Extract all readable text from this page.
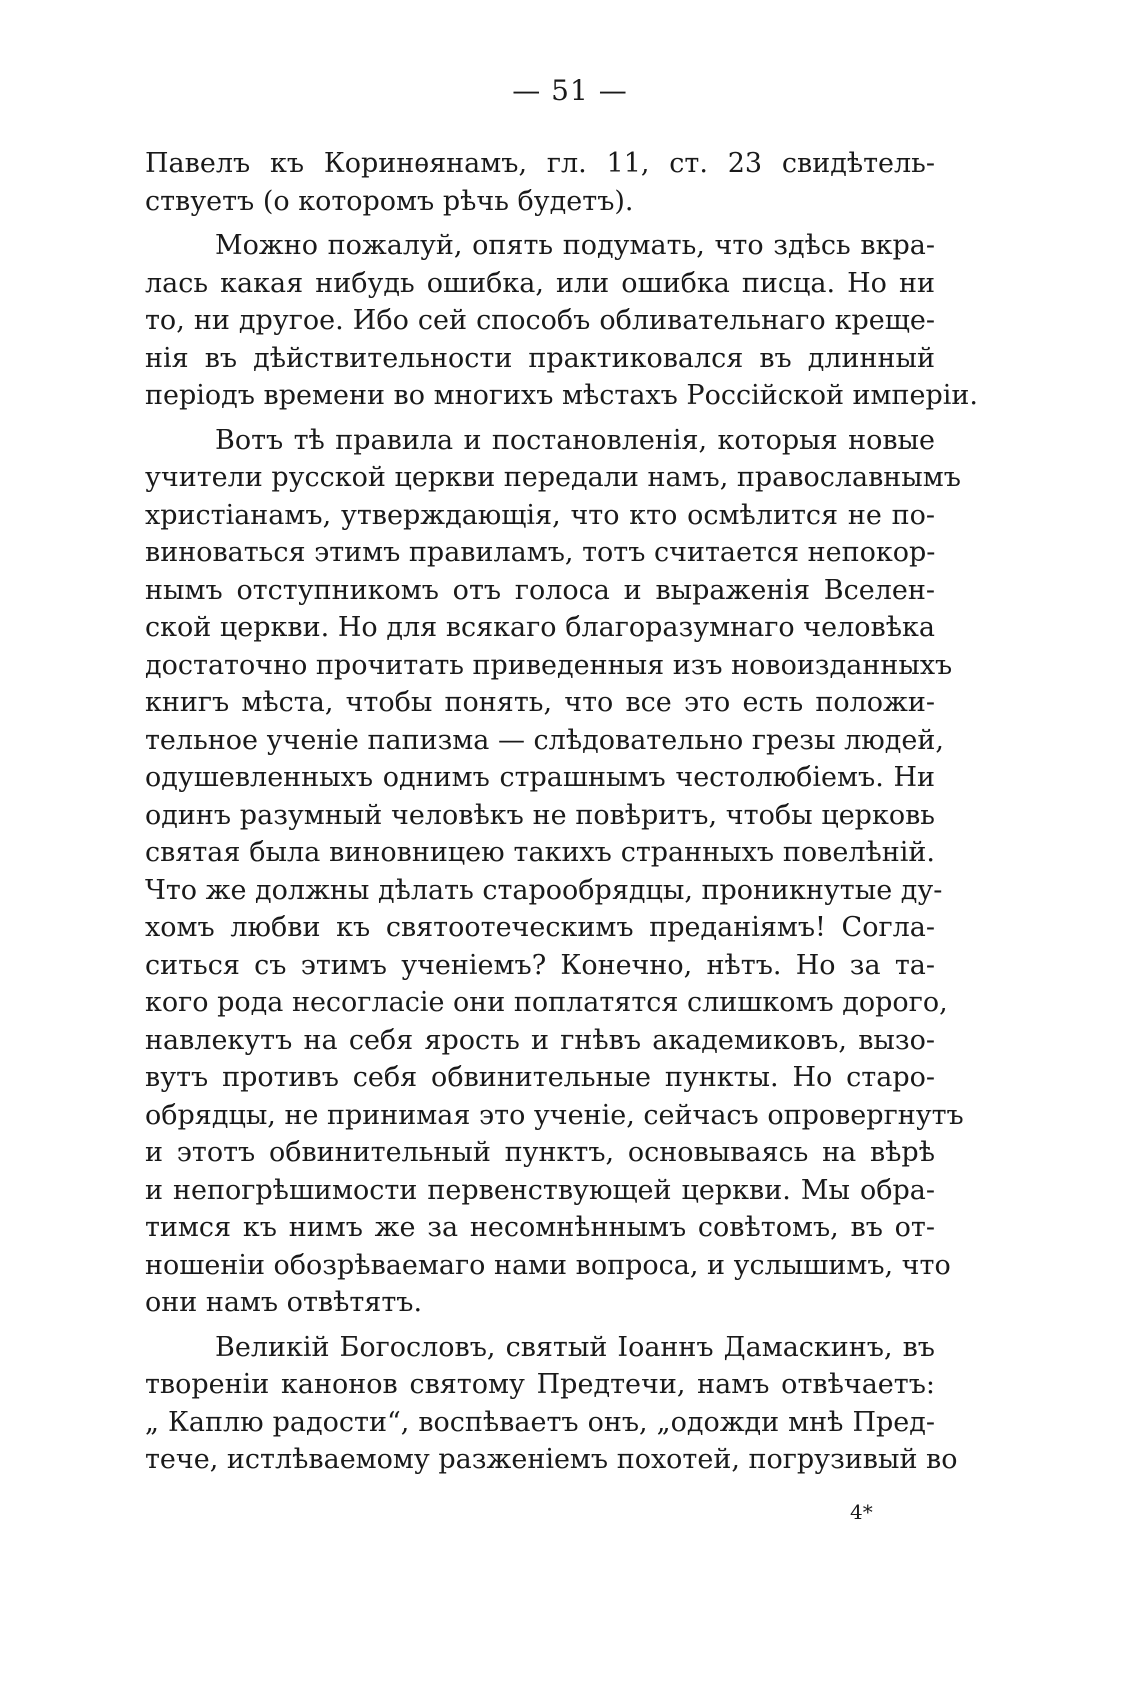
— 51 —
Павелъ къ Коринѳянамъ, гл. 11, ст. 23 свидѣтель-
ствуетъ (о которомъ рѣчь будетъ).
Можно пожалуй, опять подумать, что здѣсь вкра-
лась какая нибудь ошибка, или ошибка писца. Но ни
то, ни другое. Ибо сей способъ обливательнаго креще-
нія въ дѣйствительности практиковался въ длинный
періодъ времени во многихъ мѣстахъ Россійской имперіи.
Вотъ тѣ правила и постановленія, которыя новые
учители русской церкви передали намъ, православнымъ
христіанамъ, утверждающія, что кто осмѣлится не по-
виноваться этимъ правиламъ, тотъ считается непокор-
нымъ отступникомъ отъ голоса и выраженія Вселен-
ской церкви. Но для всякаго благоразумнаго человѣка
достаточно прочитать приведенныя изъ новоизданныхъ
книгъ мѣста, чтобы понять, что все это есть положи-
тельное ученіе папизма — слѣдовательно грезы людей,
одушевленныхъ однимъ страшнымъ честолюбіемъ. Ни
одинъ разумный человѣкъ не повѣритъ, чтобы церковь
святая была виновницею такихъ странныхъ повелѣній.
Что же должны дѣлать старообрядцы, проникнутые ду-
хомъ любви къ святоотеческимъ преданіямъ! Согла-
ситься съ этимъ ученіемъ? Конечно, нѣтъ. Но за та-
кого рода несогласіе они поплатятся слишкомъ дорого,
навлекутъ на себя ярость и гнѣвъ академиковъ, вызо-
вутъ противъ себя обвинительные пункты. Но старо-
обрядцы, не принимая это ученіе, сейчасъ опровергнутъ
и этотъ обвинительный пунктъ, основываясь на вѣрѣ
и непогрѣшимости первенствующей церкви. Мы обра-
тимся къ нимъ же за несомнѣннымъ совѣтомъ, въ от-
ношеніи обозрѣваемаго нами вопроса, и услышимъ, что
они намъ отвѣтятъ.
Великій Богословъ, святый Іоаннъ Дамаскинъ, въ
твореніи канонов святому Предтечи, намъ отвѣчаетъ:
„ Каплю радости“, воспѣваетъ онъ, „одожди мнѣ Пред-
тече, истлѣваемому разженіемъ похотей, погрузивый во
4*
